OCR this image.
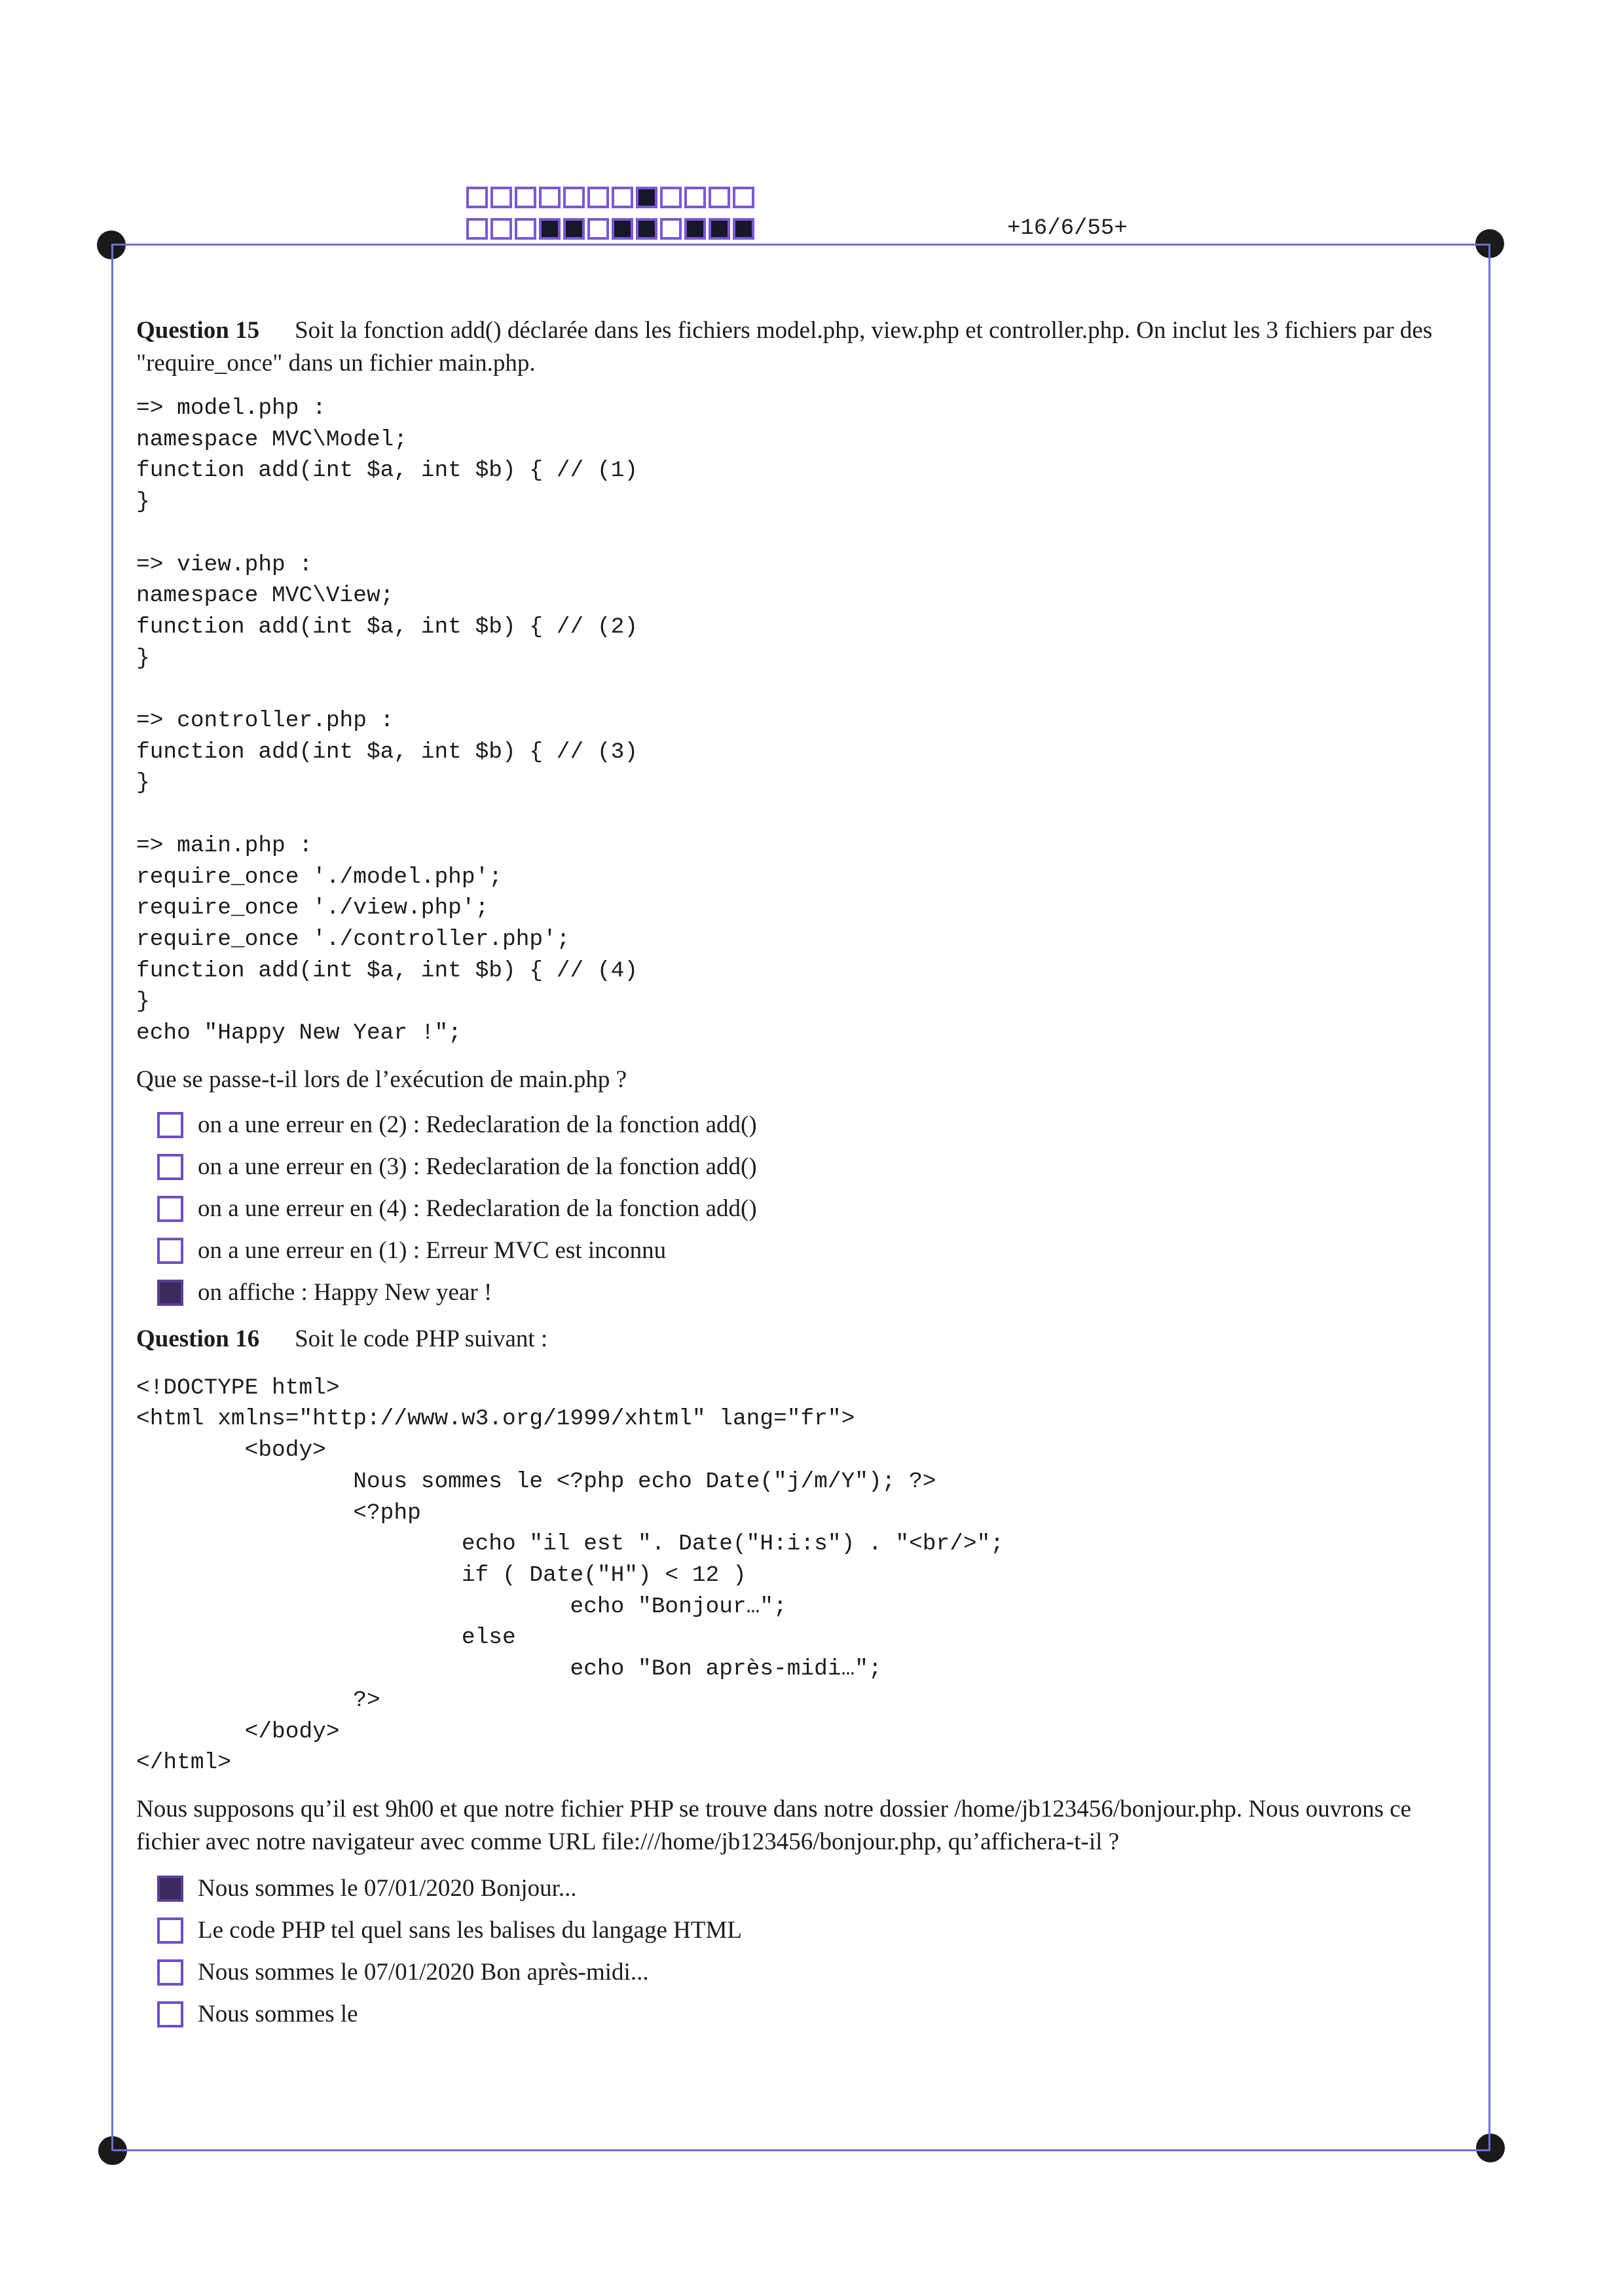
+16/6/55+

Question 15 Soit la fonction add() déclarée dans les fichiers model.php, view.php et controller.php. On inclut les 3 fichiers par des "require_once" dans un fichier main.php.

=> model.php :
namespace MVC\Model;
function add(int $a, int $b) { // (1)
}

=> view.php :
namespace MVC\View;
function add(int $a, int $b) { // (2)
}

=> controller.php :
function add(int $a, int $b) { // (3)
}

=> main.php :
require_once './model.php';
require_once './view.php';
require_once './controller.php';
function add(int $a, int $b) { // (4)
}
echo "Happy New Year !";

Que se passe-t-il lors de l’exécution de main.php ?

on a une erreur en (2) : Redeclaration de la fonction add()
on a une erreur en (3) : Redeclaration de la fonction add()
on a une erreur en (4) : Redeclaration de la fonction add()
on a une erreur en (1) : Erreur MVC est inconnu
on affiche : Happy New year !

Question 16 Soit le code PHP suivant :

<!DOCTYPE html>
<html xmlns="http://www.w3.org/1999/xhtml" lang="fr">
<body>
Nous sommes le <?php echo Date("j/m/Y"); ?>
<?php
echo "il est ". Date("H:i:s") . "<br/>";
if ( Date("H") < 12 )
echo "Bonjour…";
else
echo "Bon après-midi…";
?>
</body>
</html>

Nous supposons qu’il est 9h00 et que notre fichier PHP se trouve dans notre dossier /home/jb123456/bonjour.php. Nous ouvrons ce fichier avec notre navigateur avec comme URL file:///home/jb123456/bonjour.php, qu’affichera-t-il ?

Nous sommes le 07/01/2020 Bonjour...
Le code PHP tel quel sans les balises du langage HTML
Nous sommes le 07/01/2020 Bon après-midi...
Nous sommes le
